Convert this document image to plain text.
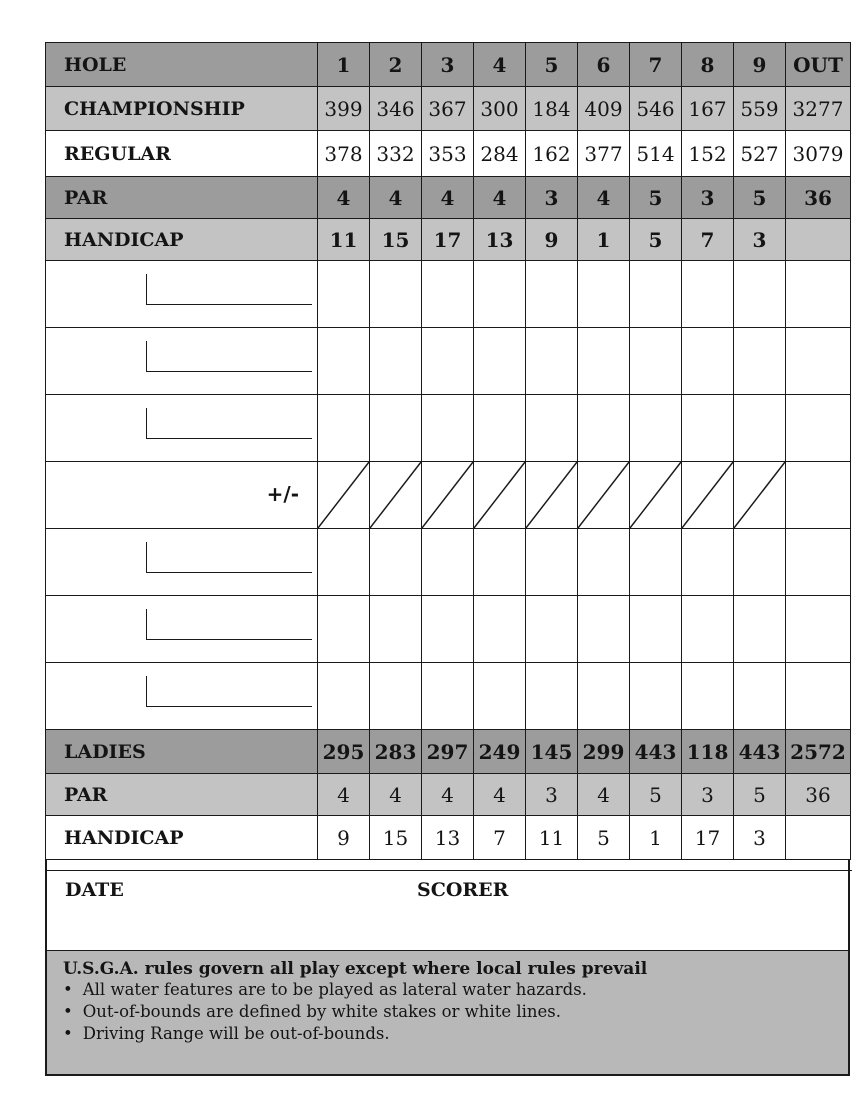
HOLE	1	2	3	4	5	6	7	8	9	OUT
CHAMPIONSHIP	399	346	367	300	184	409	546	167	559	3277
REGULAR	378	332	353	284	162	377	514	152	527	3079
PAR	4	4	4	4	3	4	5	3	5	36
HANDICAP	11	15	17	13	9	1	5	7	3	

+/-

LADIES	295	283	297	249	145	299	443	118	443	2572
PAR	4	4	4	4	3	4	5	3	5	36
HANDICAP	9	15	13	7	11	5	1	17	3	
DATE	SCORER
U.S.G.A. rules govern all play except where local rules prevail
• All water features are to be played as lateral water hazards.
• Out-of-bounds are defined by white stakes or white lines.
• Driving Range will be out-of-bounds.
